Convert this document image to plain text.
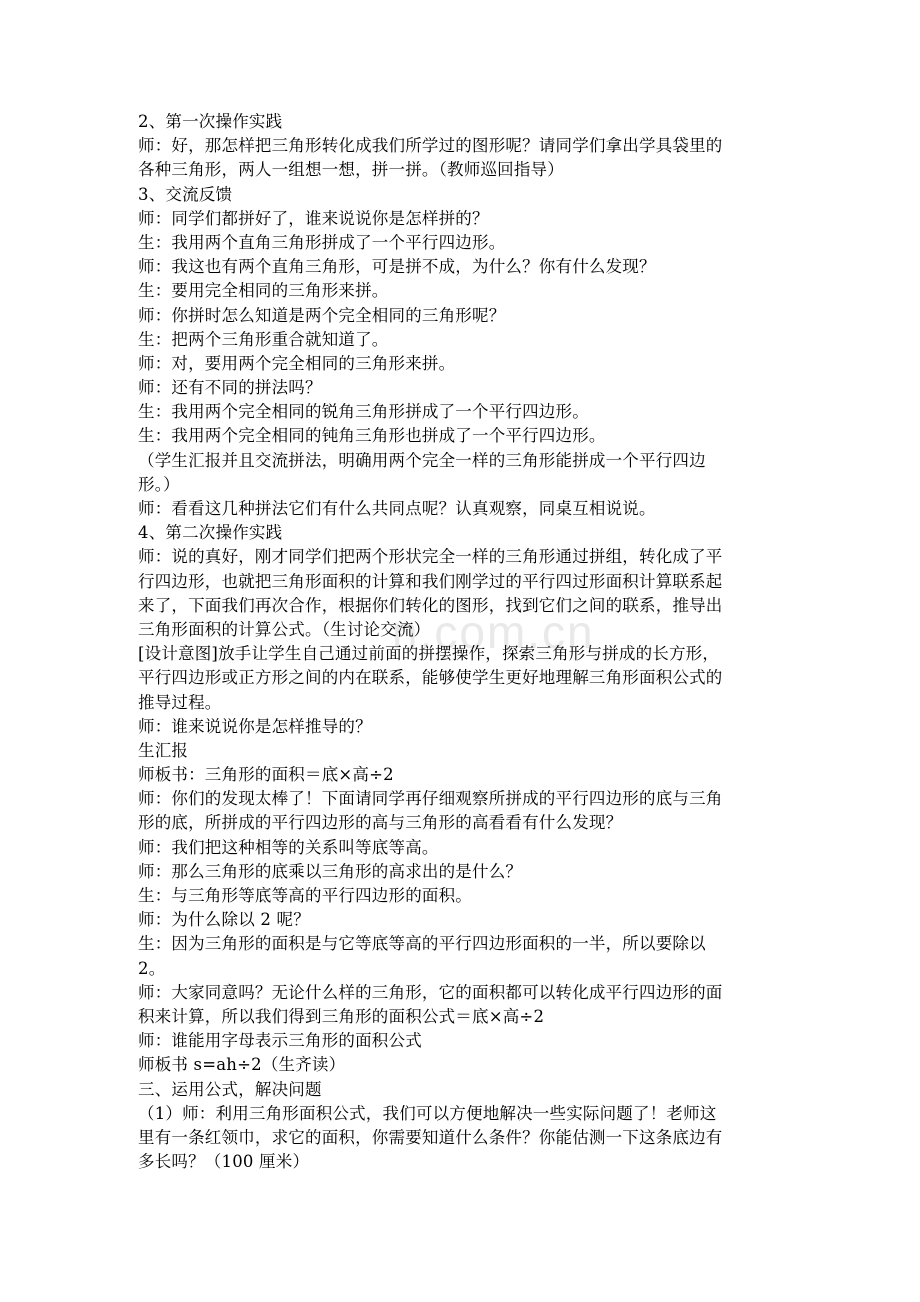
n.com.cn
2、第一次操作实践
师：好，那怎样把三角形转化成我们所学过的图形呢？请同学们拿出学具袋里的
各种三角形，两人一组想一想，拼一拼。（教师巡回指导）
3、交流反馈
师：同学们都拼好了，谁来说说你是怎样拼的？
生：我用两个直角三角形拼成了一个平行四边形。
师：我这也有两个直角三角形，可是拼不成，为什么？你有什么发现？
生：要用完全相同的三角形来拼。
师：你拼时怎么知道是两个完全相同的三角形呢？
生：把两个三角形重合就知道了。
师：对，要用两个完全相同的三角形来拼。
师：还有不同的拼法吗？
生：我用两个完全相同的锐角三角形拼成了一个平行四边形。
生：我用两个完全相同的钝角三角形也拼成了一个平行四边形。
（学生汇报并且交流拼法，明确用两个完全一样的三角形能拼成一个平行四边
形。）
师：看看这几种拼法它们有什么共同点呢？认真观察，同桌互相说说。
4、第二次操作实践
师：说的真好，刚才同学们把两个形状完全一样的三角形通过拼组，转化成了平
行四边形，也就把三角形面积的计算和我们刚学过的平行四过形面积计算联系起
来了，下面我们再次合作，根据你们转化的图形，找到它们之间的联系，推导出
三角形面积的计算公式。（生讨论交流）
[设计意图]放手让学生自己通过前面的拼摆操作，探索三角形与拼成的长方形，
平行四边形或正方形之间的内在联系，能够使学生更好地理解三角形面积公式的
推导过程。
师：谁来说说你是怎样推导的？
生汇报
师板书：三角形的面积＝底×高÷2
师：你们的发现太棒了！下面请同学再仔细观察所拼成的平行四边形的底与三角
形的底，所拼成的平行四边形的高与三角形的高看看有什么发现？
师：我们把这种相等的关系叫等底等高。
师：那么三角形的底乘以三角形的高求出的是什么？
生：与三角形等底等高的平行四边形的面积。
师：为什么除以 2 呢？
生：因为三角形的面积是与它等底等高的平行四边形面积的一半，所以要除以
2。
师：大家同意吗？无论什么样的三角形，它的面积都可以转化成平行四边形的面
积来计算，所以我们得到三角形的面积公式＝底×高÷2
师：谁能用字母表示三角形的面积公式
师板书 s=ah÷2（生齐读）
三、运用公式，解决问题
（1）师：利用三角形面积公式，我们可以方便地解决一些实际问题了！老师这
里有一条红领巾，求它的面积，你需要知道什么条件？你能估测一下这条底边有
多长吗？（100 厘米）
